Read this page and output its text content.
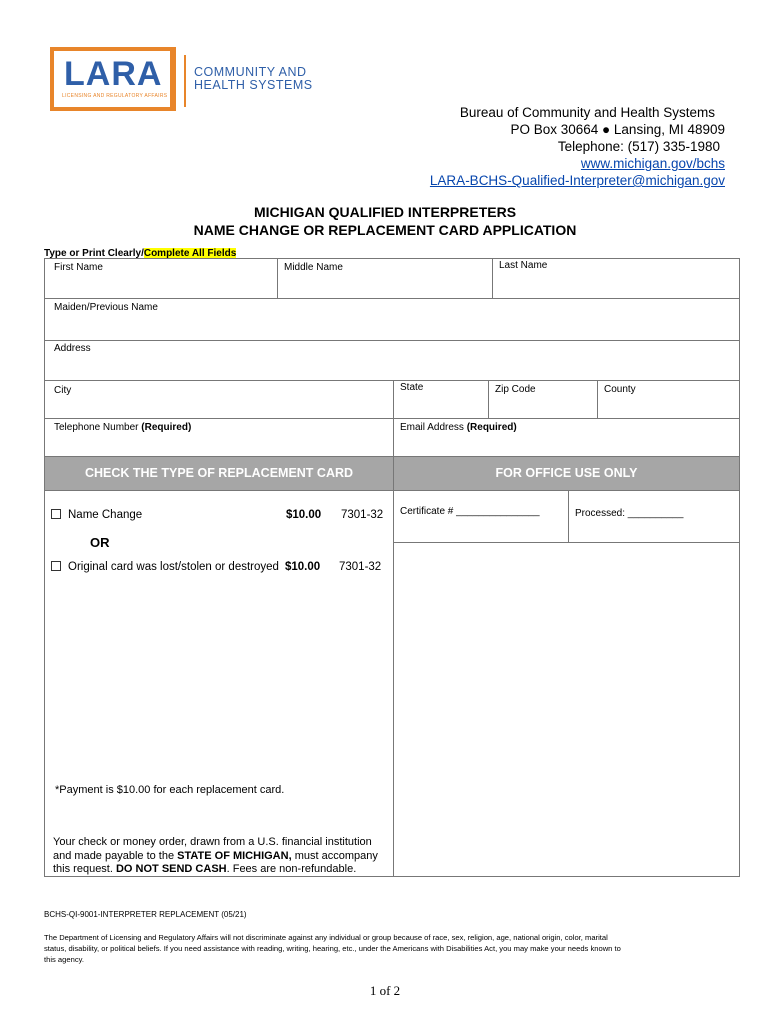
LARA
LICENSING AND REGULATORY AFFAIRS
COMMUNITY AND
HEALTH SYSTEMS
Bureau of Community and Health Systems
PO Box 30664 ● Lansing, MI 48909
Telephone: (517) 335-1980
www.michigan.gov/bchs
LARA-BCHS-Qualified-Interpreter@michigan.gov
MICHIGAN QUALIFIED INTERPRETERS
NAME CHANGE OR REPLACEMENT CARD APPLICATION
Type or Print Clearly/Complete All Fields
First Name	Middle Name	Last Name
Maiden/Previous Name
Address
City	State	Zip Code	County
Telephone Number (Required)	Email Address (Required)
CHECK THE TYPE OF REPLACEMENT CARD	FOR OFFICE USE ONLY
Certificate # _______________	Processed: __________
Name Change	$10.00 7301-32
OR
Original card was lost/stolen or destroyed $10.00 7301-32
*Payment is $10.00 for each replacement card.
Your check or money order, drawn from a U.S. financial institution
and made payable to the STATE OF MICHIGAN, must accompany
this request. DO NOT SEND CASH. Fees are non-refundable.
BCHS-QI-9001-INTERPRETER REPLACEMENT (05/21)
The Department of Licensing and Regulatory Affairs will not discriminate against any individual or group because of race, sex, religion, age, national origin, color, marital
status, disability, or political beliefs. If you need assistance with reading, writing, hearing, etc., under the Americans with Disabilities Act, you may make your needs known to
this agency.
1 of 2
